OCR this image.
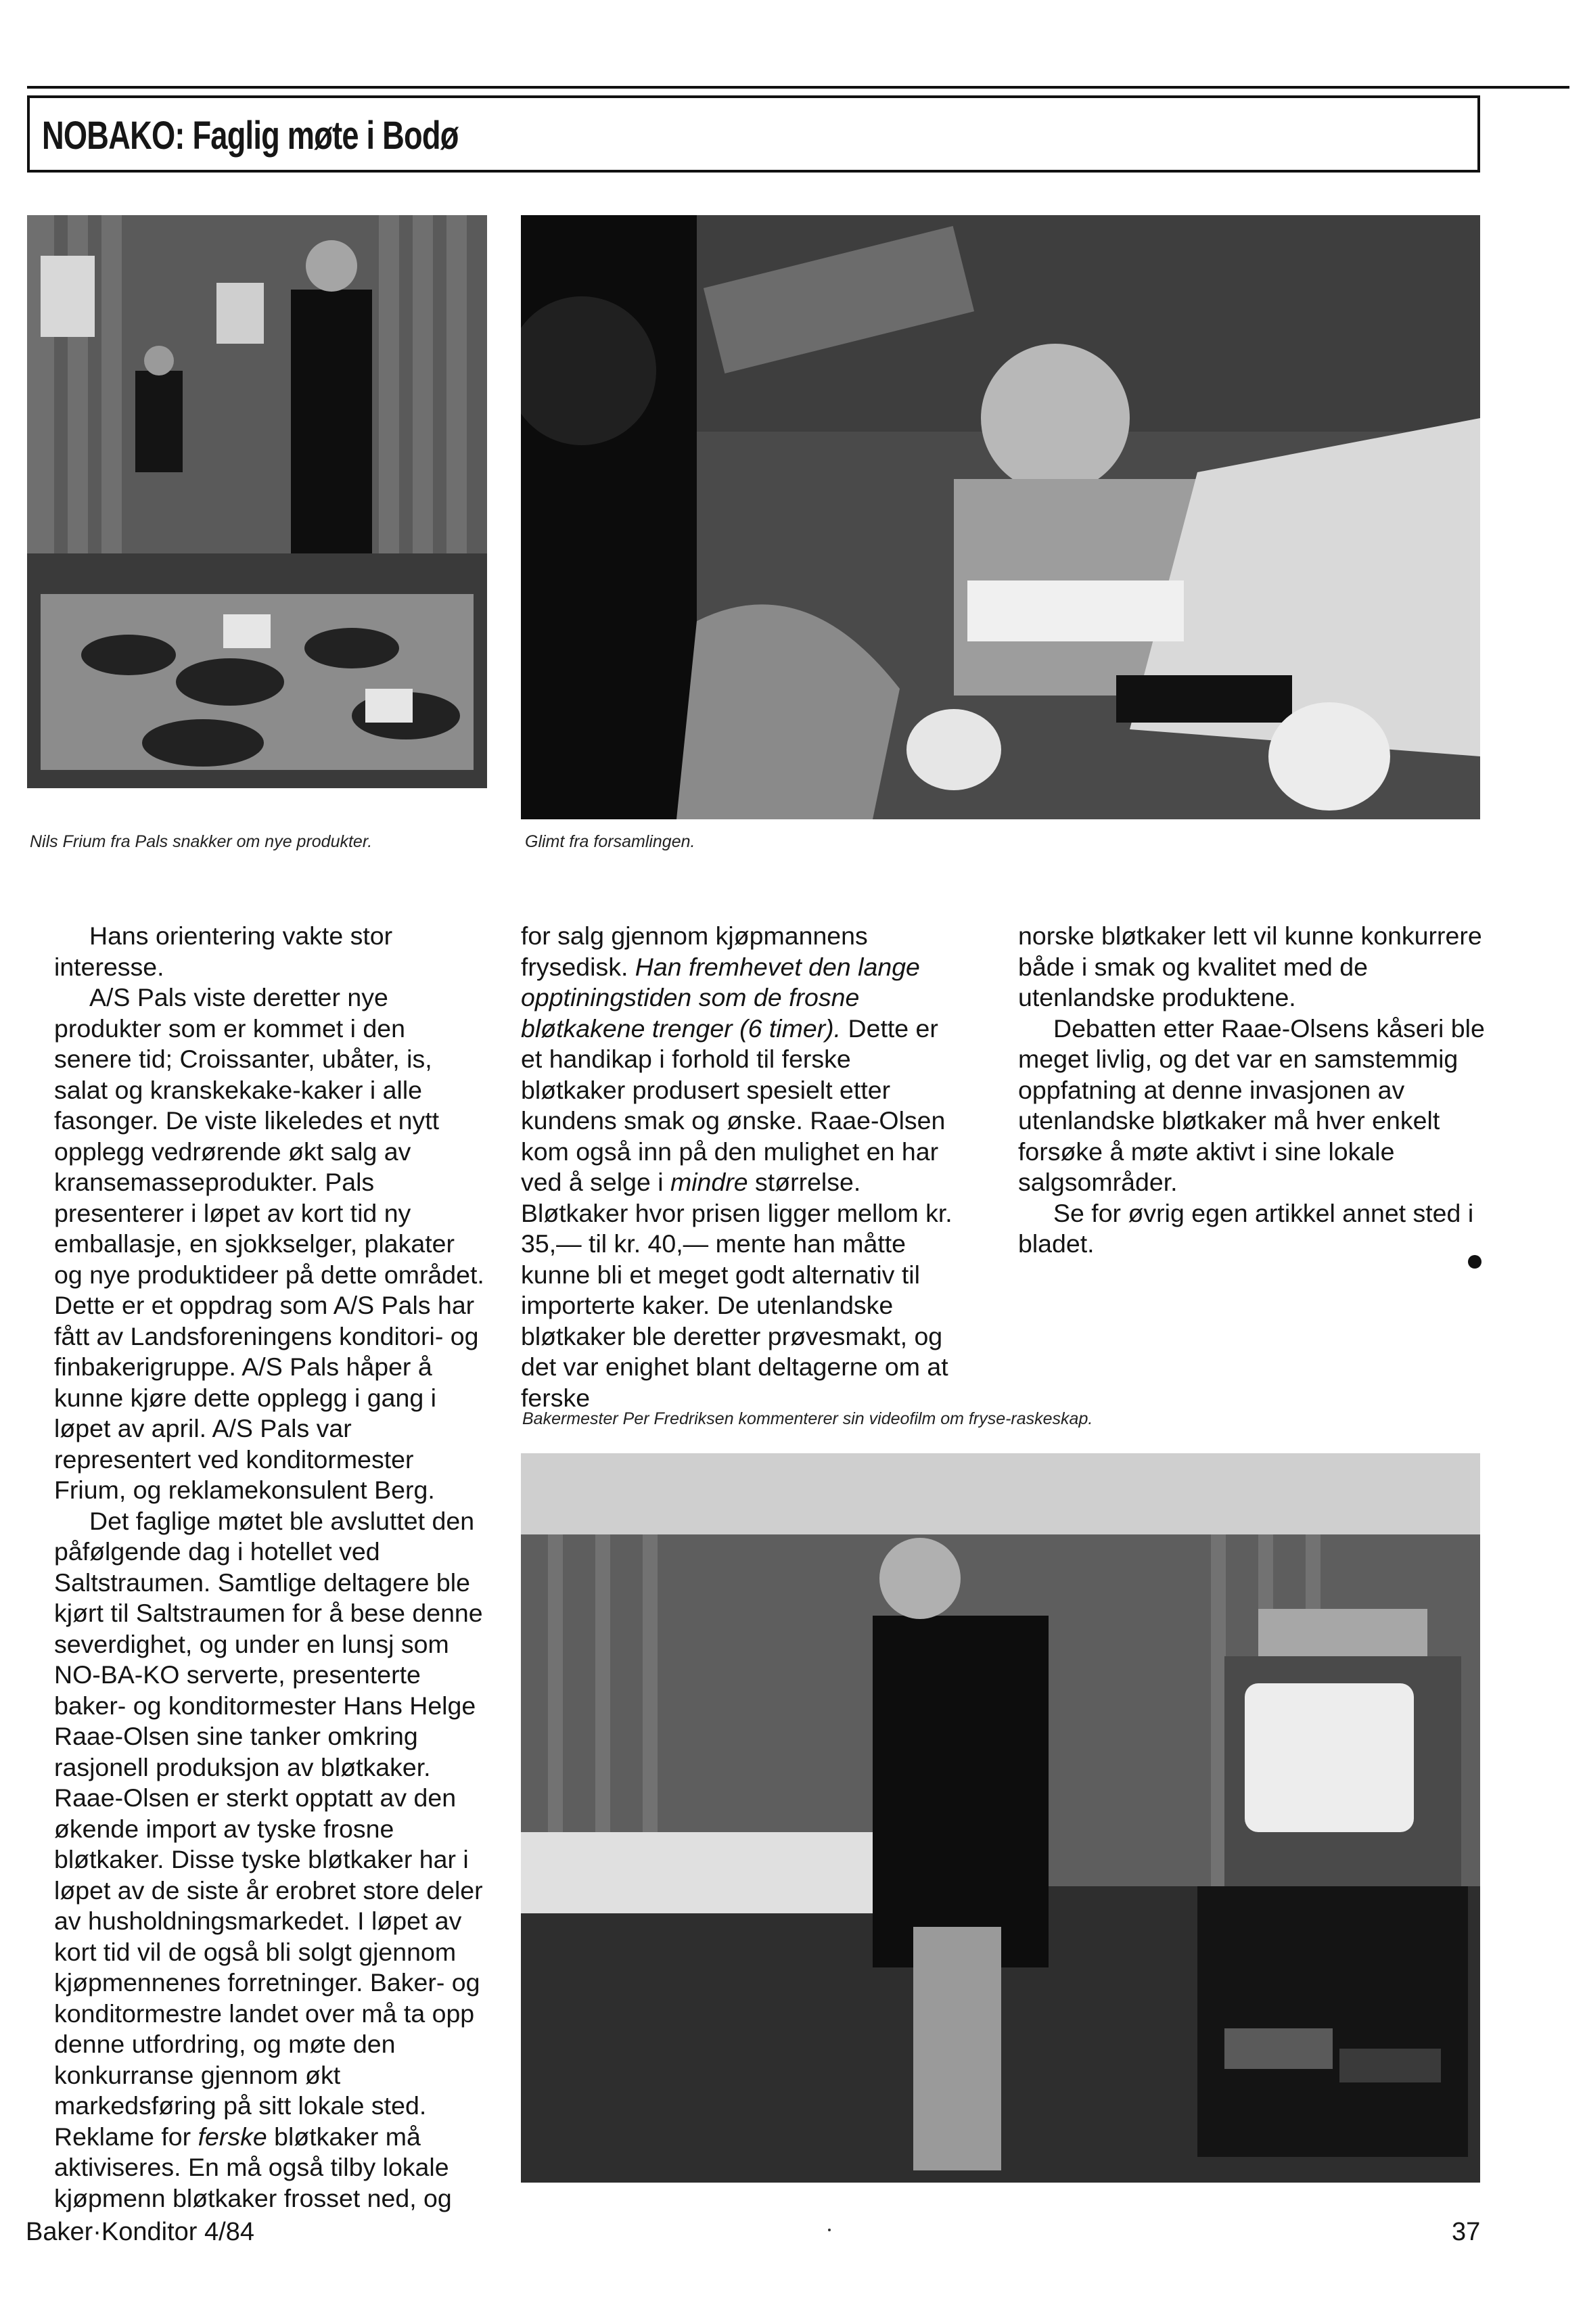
NOBAKO: Faglig møte i Bodø
Nils Frium fra Pals snakker om nye produkter.	Glimt fra forsamlingen.

Hans orientering vakte stor interesse.

A/S Pals viste deretter nye produkter som er kommet i den senere tid; Croissanter, ubåter, is, salat og kranskekake-kaker i alle fasonger. De viste likeledes et nytt opplegg vedrørende økt salg av kransemasseprodukter. Pals presenterer i løpet av kort tid ny emballasje, en sjokkselger, plakater og nye produktideer på dette området. Dette er et oppdrag som A/S Pals har fått av Landsforeningens konditori- og finbakerigruppe. A/S Pals håper å kunne kjøre dette opplegg i gang i løpet av april. A/S Pals var representert ved konditormester Frium, og reklamekonsulent Berg.

Det faglige møtet ble avsluttet den påfølgende dag i hotellet ved Saltstraumen. Samtlige deltagere ble kjørt til Saltstraumen for å bese denne severdighet, og under en lunsj som NO-BA-KO serverte, presenterte baker- og konditormester Hans Helge Raae-Olsen sine tanker omkring rasjonell produksjon av bløtkaker. Raae-Olsen er sterkt opptatt av den økende import av tyske frosne bløtkaker. Disse tyske bløtkaker har i løpet av de siste år erobret store deler av husholdningsmarkedet. I løpet av kort tid vil de også bli solgt gjennom kjøpmennenes forretninger. Baker- og konditormestre landet over må ta opp denne utfordring, og møte den konkurranse gjennom økt markedsføring på sitt lokale sted. Reklame for ferske bløtkaker må aktiviseres. En må også tilby lokale kjøpmenn bløtkaker frosset ned, og

for salg gjennom kjøpmannens frysedisk. Han fremhevet den lange opptiningstiden som de frosne bløtkakene trenger (6 timer). Dette er et handikap i forhold til ferske bløtkaker produsert spesielt etter kundens smak og ønske. Raae-Olsen kom også inn på den mulighet en har ved å selge i mindre størrelse. Bløtkaker hvor prisen ligger mellom kr. 35,— til kr. 40,— mente han måtte kunne bli et meget godt alternativ til importerte kaker. De utenlandske bløtkaker ble deretter prøvesmakt, og det var enighet blant deltagerne om at ferske

norske bløtkaker lett vil kunne konkurrere både i smak og kvalitet med de utenlandske produktene.

Debatten etter Raae-Olsens kåseri ble meget livlig, og det var en samstemmig oppfatning at denne invasjonen av utenlandske bløtkaker må hver enkelt forsøke å møte aktivt i sine lokale salgsområder.

Se for øvrig egen artikkel annet sted i bladet.

Bakermester Per Fredriksen kommenterer sin videofilm om fryse-raskeskap.
Baker·Konditor 4/84	37
